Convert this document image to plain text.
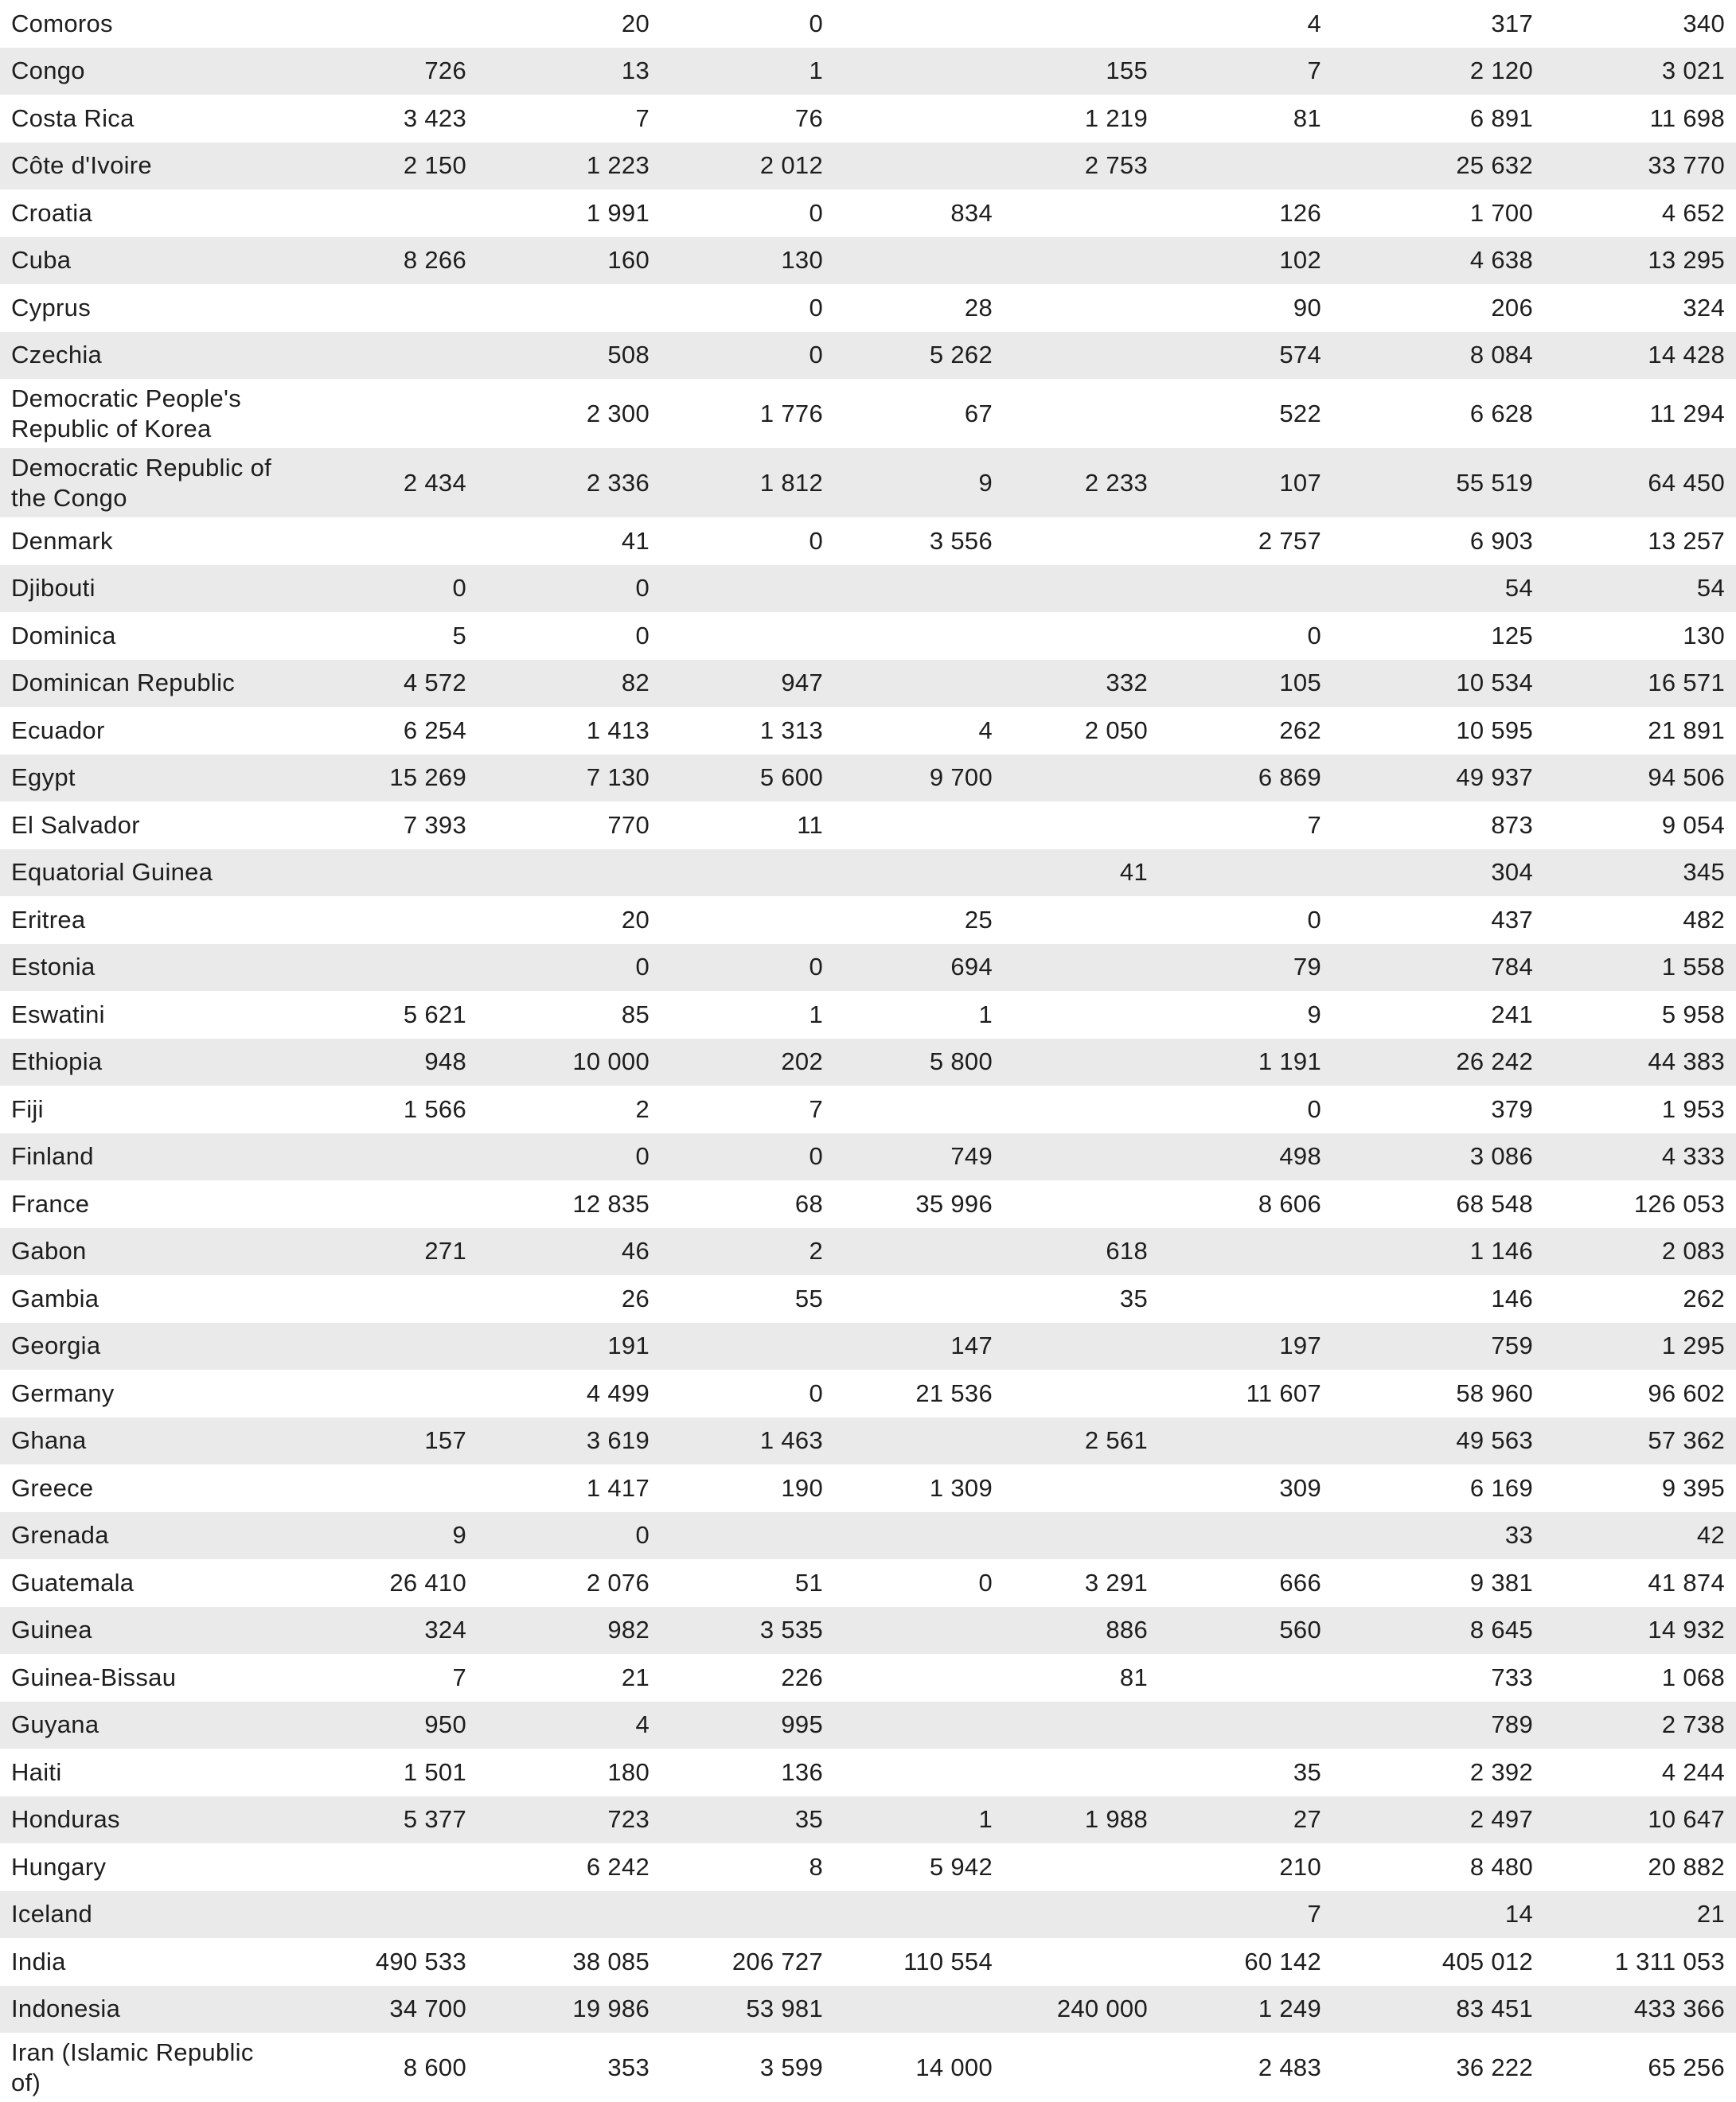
Comoros		20	0			4	317	340
Congo	726	13	1		155	7	2 120	3 021
Costa Rica	3 423	7	76		1 219	81	6 891	11 698
Côte d'Ivoire	2 150	1 223	2 012		2 753		25 632	33 770
Croatia		1 991	0	834		126	1 700	4 652
Cuba	8 266	160	130			102	4 638	13 295
Cyprus			0	28		90	206	324
Czechia		508	0	5 262		574	8 084	14 428
Democratic People's Republic of Korea		2 300	1 776	67		522	6 628	11 294
Democratic Republic of the Congo	2 434	2 336	1 812	9	2 233	107	55 519	64 450
Denmark		41	0	3 556		2 757	6 903	13 257
Djibouti	0	0					54	54
Dominica	5	0				0	125	130
Dominican Republic	4 572	82	947		332	105	10 534	16 571
Ecuador	6 254	1 413	1 313	4	2 050	262	10 595	21 891
Egypt	15 269	7 130	5 600	9 700		6 869	49 937	94 506
El Salvador	7 393	770	11			7	873	9 054
Equatorial Guinea					41		304	345
Eritrea		20		25		0	437	482
Estonia		0	0	694		79	784	1 558
Eswatini	5 621	85	1	1		9	241	5 958
Ethiopia	948	10 000	202	5 800		1 191	26 242	44 383
Fiji	1 566	2	7			0	379	1 953
Finland		0	0	749		498	3 086	4 333
France		12 835	68	35 996		8 606	68 548	126 053
Gabon	271	46	2		618		1 146	2 083
Gambia		26	55		35		146	262
Georgia		191		147		197	759	1 295
Germany		4 499	0	21 536		11 607	58 960	96 602
Ghana	157	3 619	1 463		2 561		49 563	57 362
Greece		1 417	190	1 309		309	6 169	9 395
Grenada	9	0					33	42
Guatemala	26 410	2 076	51	0	3 291	666	9 381	41 874
Guinea	324	982	3 535		886	560	8 645	14 932
Guinea-Bissau	7	21	226		81		733	1 068
Guyana	950	4	995				789	2 738
Haiti	1 501	180	136			35	2 392	4 244
Honduras	5 377	723	35	1	1 988	27	2 497	10 647
Hungary		6 242	8	5 942		210	8 480	20 882
Iceland						7	14	21
India	490 533	38 085	206 727	110 554		60 142	405 012	1 311 053
Indonesia	34 700	19 986	53 981		240 000	1 249	83 451	433 366
Iran (Islamic Republic of)	8 600	353	3 599	14 000		2 483	36 222	65 256
